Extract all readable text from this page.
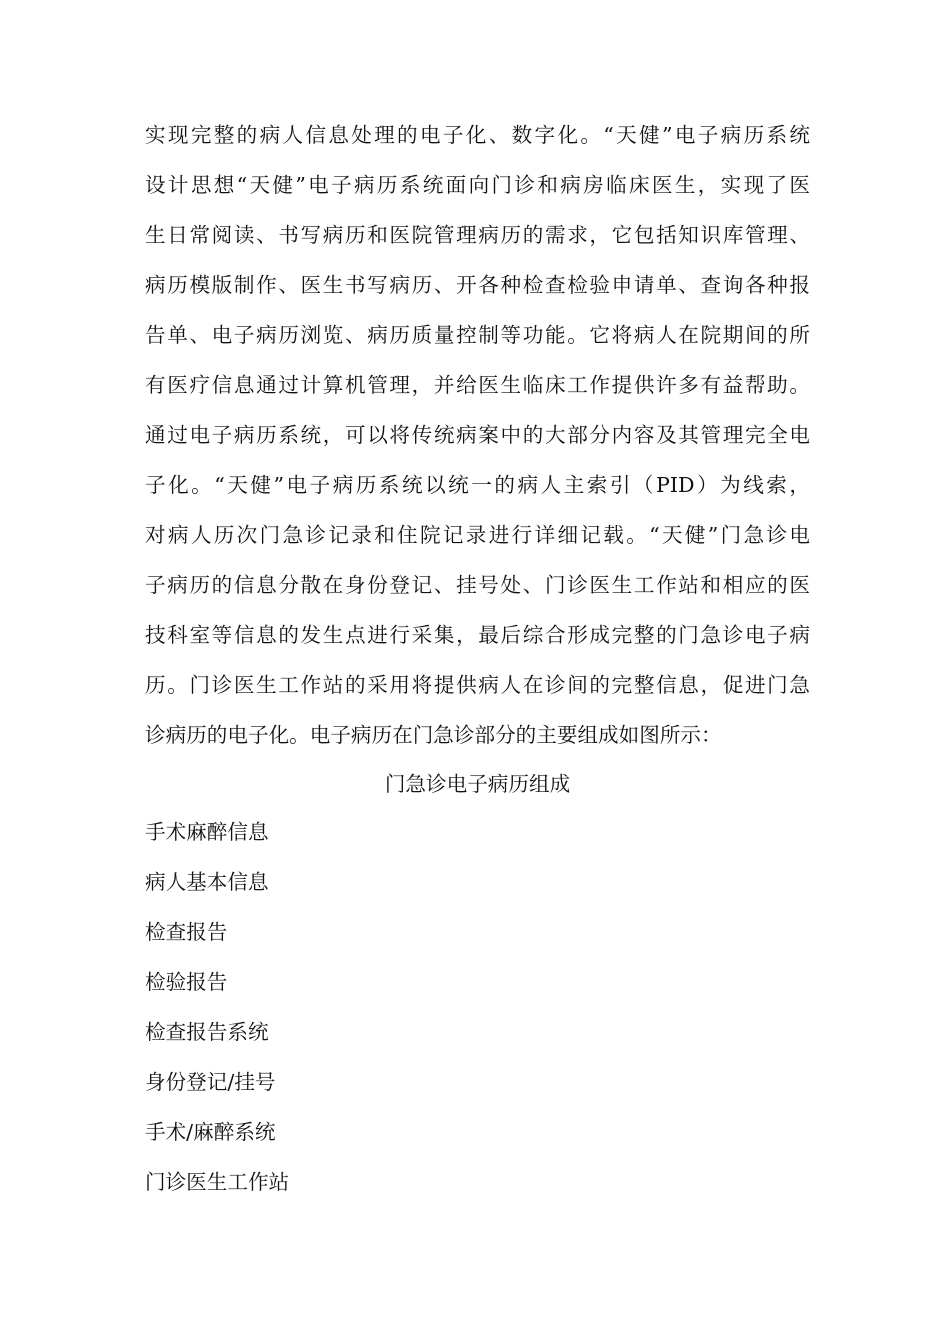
实现完整的病人信息处理的电子化、数字化。“天健”电子病历系统
设计思想“天健”电子病历系统面向门诊和病房临床医生，实现了医
生日常阅读、书写病历和医院管理病历的需求，它包括知识库管理、
病历模版制作、医生书写病历、开各种检查检验申请单、查询各种报
告单、电子病历浏览、病历质量控制等功能。它将病人在院期间的所
有医疗信息通过计算机管理，并给医生临床工作提供许多有益帮助。
通过电子病历系统，可以将传统病案中的大部分内容及其管理完全电
子化。“天健”电子病历系统以统一的病人主索引（PID）为线索，
对病人历次门急诊记录和住院记录进行详细记载。“天健”门急诊电
子病历的信息分散在身份登记、挂号处、门诊医生工作站和相应的医
技科室等信息的发生点进行采集，最后综合形成完整的门急诊电子病
历。门诊医生工作站的采用将提供病人在诊间的完整信息，促进门急
诊病历的电子化。电子病历在门急诊部分的主要组成如图所示：
门急诊电子病历组成
手术麻醉信息
病人基本信息
检查报告
检验报告
检查报告系统
身份登记/挂号
手术/麻醉系统
门诊医生工作站
